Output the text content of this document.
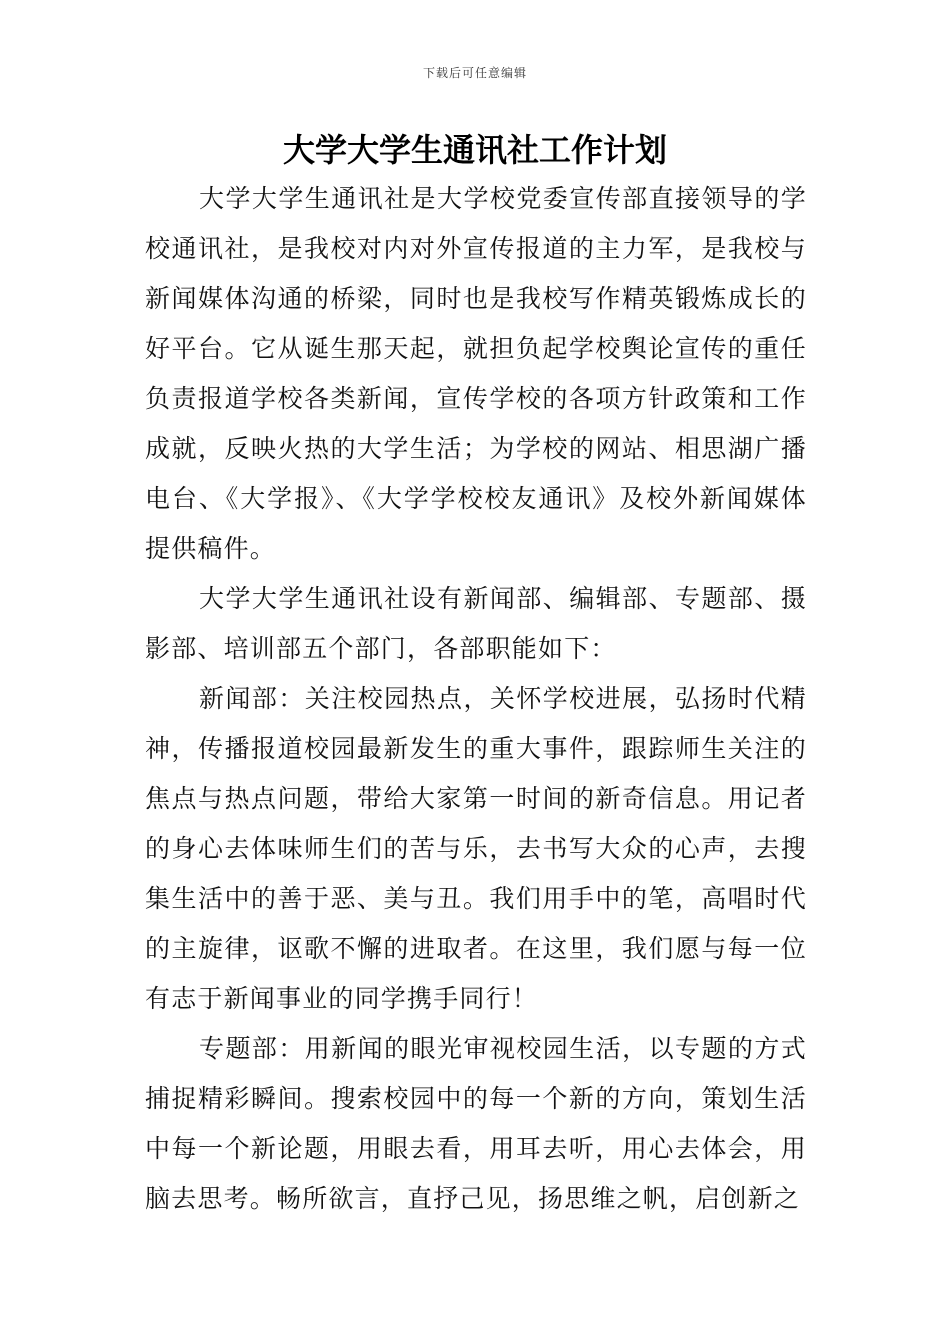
下载后可任意编辑
大学大学生通讯社工作计划

大学大学生通讯社是大学校党委宣传部直接领导的学校通讯社，是我校对内对外宣传报道的主力军，是我校与新闻媒体沟通的桥梁，同时也是我校写作精英锻炼成长的好平台。它从诞生那天起，就担负起学校舆论宣传的重任负责报道学校各类新闻，宣传学校的各项方针政策和工作成就，反映火热的大学生活；为学校的网站、相思湖广播电台、《大学报》、《大学学校校友通讯》及校外新闻媒体提供稿件。

大学大学生通讯社设有新闻部、编辑部、专题部、摄影部、培训部五个部门，各部职能如下：

新闻部：关注校园热点，关怀学校进展，弘扬时代精神，传播报道校园最新发生的重大事件，跟踪师生关注的焦点与热点问题，带给大家第一时间的新奇信息。用记者的身心去体味师生们的苦与乐，去书写大众的心声，去搜集生活中的善于恶、美与丑。我们用手中的笔，高唱时代的主旋律，讴歌不懈的进取者。在这里，我们愿与每一位有志于新闻事业的同学携手同行！

专题部：用新闻的眼光审视校园生活，以专题的方式捕捉精彩瞬间。搜索校园中的每一个新的方向，策划生活中每一个新论题，用眼去看，用耳去听，用心去体会，用脑去思考。畅所欲言，直抒己见，扬思维之帆，启创新之
